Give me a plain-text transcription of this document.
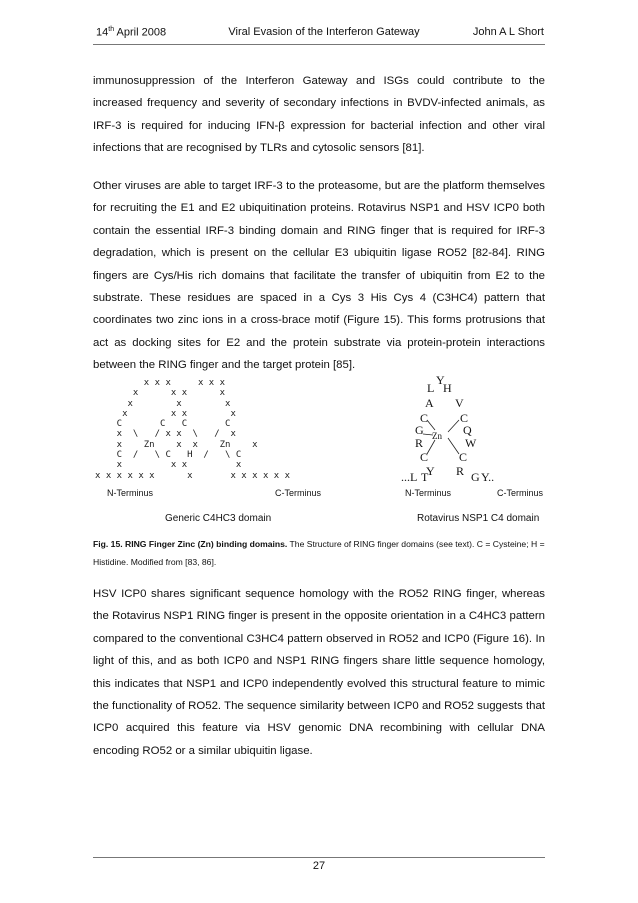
14th April 2008	Viral Evasion of the Interferon Gateway	John A L Short

immunosuppression of the Interferon Gateway and ISGs could contribute to the increased frequency and severity of secondary infections in BVDV-infected animals, as IRF-3 is required for inducing IFN-β expression for bacterial infection and other viral infections that are recognised by TLRs and cytosolic sensors [81].

Other viruses are able to target IRF-3 to the proteasome, but are the platform themselves for recruiting the E1 and E2 ubiquitination proteins. Rotavirus NSP1 and HSV ICP0 both contain the essential IRF-3 binding domain and RING finger that is required for IRF-3 degradation, which is present on the cellular E3 ubiquitin ligase RO52 [82-84]. RING fingers are Cys/His rich domains that facilitate the transfer of ubiquitin from E2 to the substrate. These residues are spaced in a Cys 3 His Cys 4 (C3HC4) pattern that coordinates two zinc ions in a cross-brace motif (Figure 15). This forms protrusions that act as docking sites for E2 and the protein substrate via protein-protein interactions between the RING finger and the target protein [85].

x x x     x x x
x      x x      x
x        x        x
x        x x        x
C       C   C       C
x  \   / x x  \   /  x
x    Zn    x  x    Zn    x
C  /   \ C   H  /   \ C
x         x x         x
x x x x x x      x       x x x x x x
N-Terminus	C-Terminus
Generic C4HC3 domain
L
Y
H
A V
C	C
G Zn Q
R	W
C	C
Y R
...L T	G Y..
N-Terminus	C-Terminus
Rotavirus NSP1 C4 domain

Fig. 15. RING Finger Zinc (Zn) binding domains. The Structure of RING finger domains (see text). C = Cysteine; H = Histidine. Modified from [83, 86].

HSV ICP0 shares significant sequence homology with the RO52 RING finger, whereas the Rotavirus NSP1 RING finger is present in the opposite orientation in a C4HC3 pattern compared to the conventional C3HC4 pattern observed in RO52 and ICP0 (Figure 16). In light of this, and as both ICP0 and NSP1 RING fingers share little sequence homology, this indicates that NSP1 and ICP0 independently evolved this structural feature to mimic the functionality of RO52. The sequence similarity between ICP0 and RO52 suggests that ICP0 acquired this feature via HSV genomic DNA recombining with cellular DNA encoding RO52 or a similar ubiquitin ligase.

27
